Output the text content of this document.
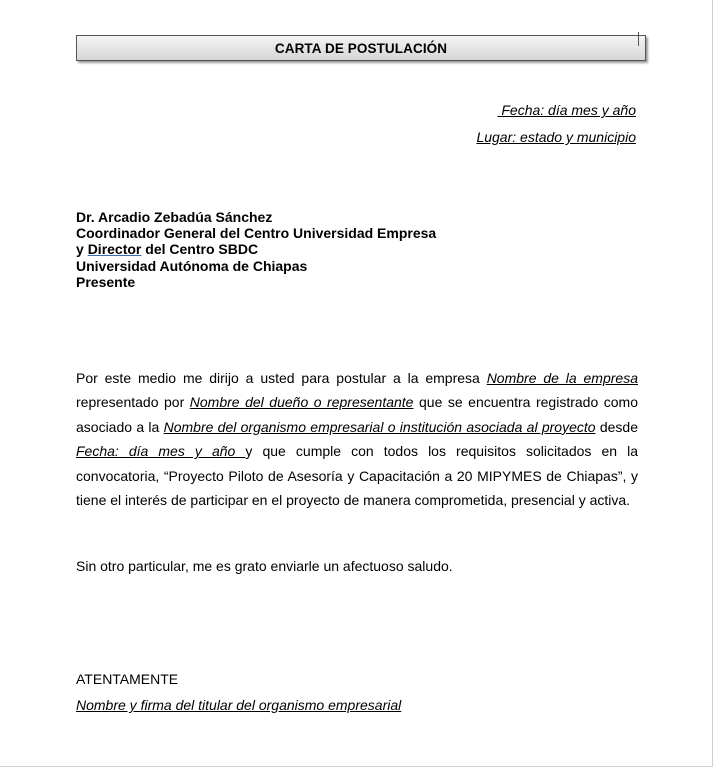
CARTA DE POSTULACIÓN
Fecha: día mes y año
Lugar: estado y municipio
Dr. Arcadio Zebadúa Sánchez
Coordinador General del Centro Universidad Empresa
y Director del Centro SBDC
Universidad Autónoma de Chiapas
Presente
Por este medio me dirijo a usted para postular a la empresa Nombre de la empresa representado por Nombre del dueño o representante que se encuentra registrado como asociado a la Nombre del organismo empresarial o institución asociada al proyecto desde Fecha: día mes y año y que cumple con todos los requisitos solicitados en la convocatoria, “Proyecto Piloto de Asesoría y Capacitación a 20 MIPYMES de Chiapas”, y tiene el interés de participar en el proyecto de manera comprometida, presencial y activa.
Sin otro particular, me es grato enviarle un afectuoso saludo.
ATENTAMENTE
Nombre y firma del titular del organismo empresarial
